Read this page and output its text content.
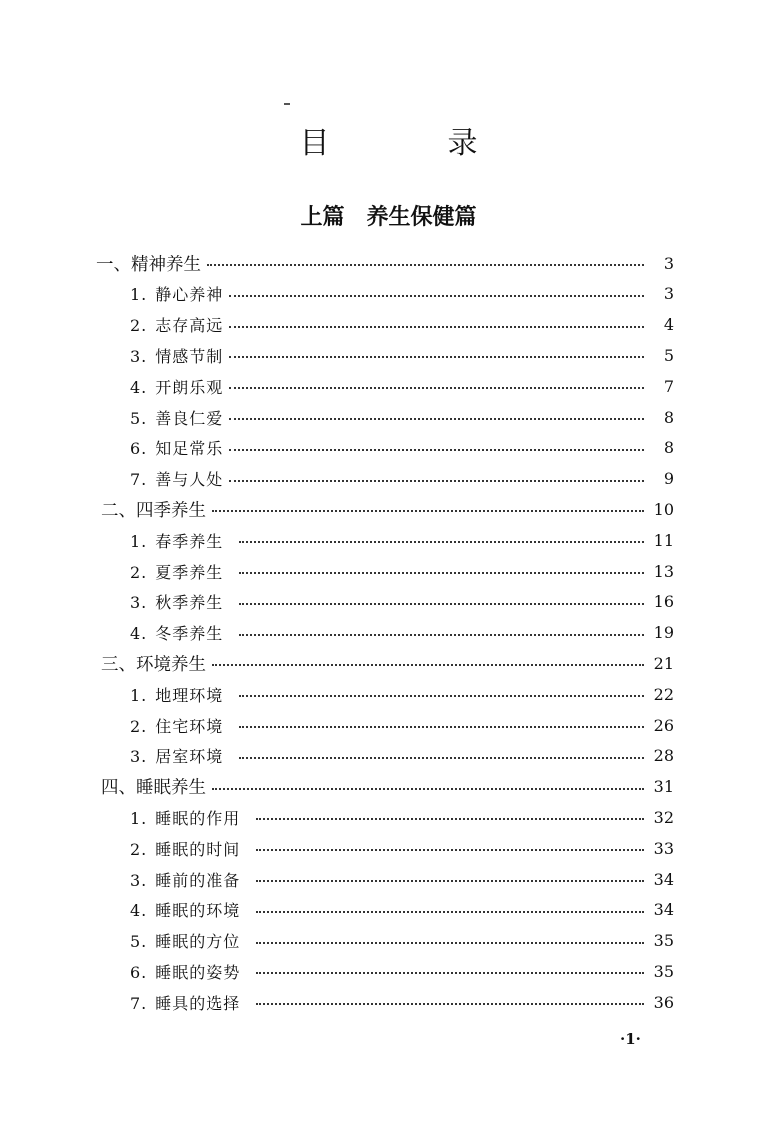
目　录
上篇 养生保健篇
一、精神养生	3
1. 静心养神	3
2. 志存高远	4
3. 情感节制	5
4. 开朗乐观	7
5. 善良仁爱	8
6. 知足常乐	8
7. 善与人处	9
二、四季养生	10
1. 春季养生	11
2. 夏季养生	13
3. 秋季养生	16
4. 冬季养生	19
三、环境养生	21
1. 地理环境	22
2. 住宅环境	26
3. 居室环境	28
四、睡眠养生	31
1. 睡眠的作用	32
2. 睡眠的时间	33
3. 睡前的准备	34
4. 睡眠的环境	34
5. 睡眠的方位	35
6. 睡眠的姿势	35
7. 睡具的选择	36
·1·
